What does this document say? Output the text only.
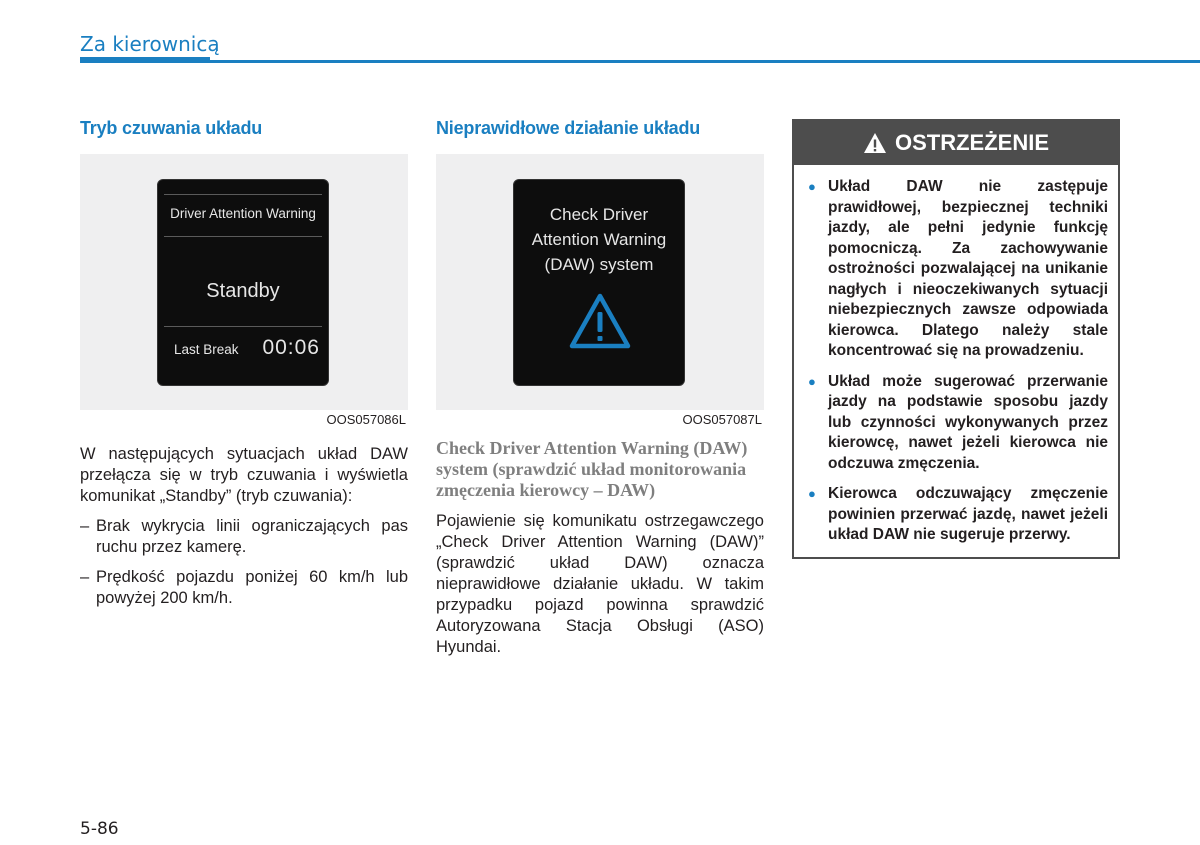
Za kierownicą
Tryb czuwania układu
Driver Attention Warning
Standby
Last Break 00:06
OOS057086L

W następujących sytuacjach układ DAW przełącza się w tryb czuwania i wyświetla komunikat „Standby” (tryb czuwania):

– Brak wykrycia linii ograniczających pas ruchu przez kamerę.
– Prędkość pojazdu poniżej 60 km/h lub powyżej 200 km/h.
Nieprawidłowe działanie układu
Check Driver
Attention Warning
(DAW) system
OOS057087L
Check Driver Attention Warning (DAW) system (sprawdzić układ monitorowania zmęczenia kierowcy – DAW)

Pojawienie się komunikatu ostrzegawczego „Check Driver Attention Warning (DAW)” (sprawdzić układ DAW) oznacza nieprawidłowe działanie układu. W takim przypadku pojazd powinna sprawdzić Autoryzowana Stacja Obsługi (ASO) Hyundai.

OSTRZEŻENIE
● Układ DAW nie zastępuje prawidłowej, bezpiecznej techniki jazdy, ale pełni jedynie funkcję pomocniczą. Za zachowywanie ostrożności pozwalającej na unikanie nagłych i nieoczekiwanych sytuacji niebezpiecznych zawsze odpowiada kierowca. Dlatego należy stale koncentrować się na prowadzeniu.
● Układ może sugerować przerwanie jazdy na podstawie sposobu jazdy lub czynności wykonywanych przez kierowcę, nawet jeżeli kierowca nie odczuwa zmęczenia.
● Kierowca odczuwający zmęczenie powinien przerwać jazdę, nawet jeżeli układ DAW nie sugeruje przerwy.
5-86
